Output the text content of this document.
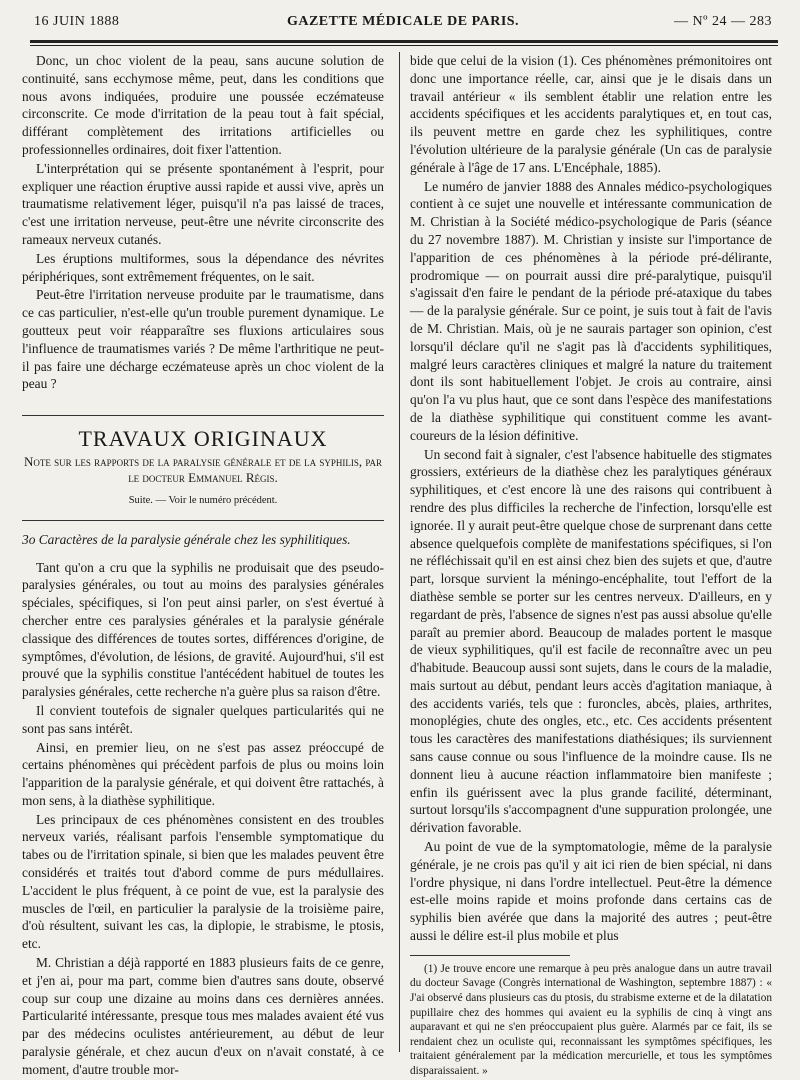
16 JUIN 1888	GAZETTE MÉDICALE DE PARIS.	— Nº 24 — 283

Donc, un choc violent de la peau, sans aucune solution de continuité, sans ecchymose même, peut, dans les conditions que nous avons indiquées, produire une poussée eczémateuse circonscrite. Ce mode d'irritation de la peau tout à fait spécial, différant complètement des irritations artificielles ou professionnelles ordinaires, doit fixer l'attention.

L'interprétation qui se présente spontanément à l'esprit, pour expliquer une réaction éruptive aussi rapide et aussi vive, après un traumatisme relativement léger, puisqu'il n'a pas laissé de traces, c'est une irritation nerveuse, peut-être une névrite circonscrite des rameaux nerveux cutanés.

Les éruptions multiformes, sous la dépendance des névrites périphériques, sont extrêmement fréquentes, on le sait.

Peut-être l'irritation nerveuse produite par le traumatisme, dans ce cas particulier, n'est-elle qu'un trouble purement dynamique. Le goutteux peut voir réapparaître ses fluxions articulaires sous l'influence de traumatismes variés ? De même l'arthritique ne peut-il pas faire une décharge eczémateuse après un choc violent de la peau ?

TRAVAUX ORIGINAUX
Note sur les rapports de la paralysie générale et de la syphilis, par le docteur Emmanuel Régis.
Suite. — Voir le numéro précédent.

3o Caractères de la paralysie générale chez les syphilitiques.

Tant qu'on a cru que la syphilis ne produisait que des pseudo-paralysies générales, ou tout au moins des paralysies générales spéciales, spécifiques, si l'on peut ainsi parler, on s'est évertué à chercher entre ces paralysies générales et la paralysie générale classique des différences de toutes sortes, différences d'origine, de symptômes, d'évolution, de lésions, de gravité. Aujourd'hui, s'il est prouvé que la syphilis constitue l'antécédent habituel de toutes les paralysies générales, cette recherche n'a guère plus sa raison d'être.

Il convient toutefois de signaler quelques particularités qui ne sont pas sans intérêt.

Ainsi, en premier lieu, on ne s'est pas assez préoccupé de certains phénomènes qui précèdent parfois de plus ou moins loin l'apparition de la paralysie générale, et qui doivent être rattachés, à mon sens, à la diathèse syphilitique.

Les principaux de ces phénomènes consistent en des troubles nerveux variés, réalisant parfois l'ensemble symptomatique du tabes ou de l'irritation spinale, si bien que les malades peuvent être considérés et traités tout d'abord comme de purs médullaires. L'accident le plus fréquent, à ce point de vue, est la paralysie des muscles de l'œil, en particulier la paralysie de la troisième paire, d'où résultent, suivant les cas, la diplopie, le strabisme, le ptosis, etc.

M. Christian a déjà rapporté en 1883 plusieurs faits de ce genre, et j'en ai, pour ma part, comme bien d'autres sans doute, observé coup sur coup une dizaine au moins dans ces dernières années. Particularité intéressante, presque tous mes malades avaient été vus par des médecins oculistes antérieurement, au début de leur paralysie générale, et chez aucun d'eux on n'avait constaté, à ce moment, d'autre trouble mor-

bide que celui de la vision (1). Ces phénomènes prémonitoires ont donc une importance réelle, car, ainsi que je le disais dans un travail antérieur « ils semblent établir une relation entre les accidents spécifiques et les accidents paralytiques et, en tout cas, ils peuvent mettre en garde chez les syphilitiques, contre l'évolution ultérieure de la paralysie générale (Un cas de paralysie générale à l'âge de 17 ans. L'Encéphale, 1885).

Le numéro de janvier 1888 des Annales médico-psychologiques contient à ce sujet une nouvelle et intéressante communication de M. Christian à la Société médico-psychologique de Paris (séance du 27 novembre 1887). M. Christian y insiste sur l'importance de l'apparition de ces phénomènes à la période pré-délirante, prodromique — on pourrait aussi dire pré-paralytique, puisqu'il s'agissait d'en faire le pendant de la période pré-ataxique du tabes — de la paralysie générale. Sur ce point, je suis tout à fait de l'avis de M. Christian. Mais, où je ne saurais partager son opinion, c'est lorsqu'il déclare qu'il ne s'agit pas là d'accidents syphilitiques, malgré leurs caractères cliniques et malgré la nature du traitement dont ils sont habituellement l'objet. Je crois au contraire, ainsi qu'on l'a vu plus haut, que ce sont dans l'espèce des manifestations de la diathèse syphilitique qui constituent comme les avant-coureurs de la lésion définitive.

Un second fait à signaler, c'est l'absence habituelle des stigmates grossiers, extérieurs de la diathèse chez les paralytiques généraux syphilitiques, et c'est encore là une des raisons qui contribuent à rendre des plus difficiles la recherche de l'infection, lorsqu'elle est ignorée. Il y aurait peut-être quelque chose de surprenant dans cette absence quelquefois complète de manifestations spécifiques, si l'on ne réfléchissait qu'il en est ainsi chez bien des sujets et que, d'autre part, lorsque survient la méningo-encéphalite, tout l'effort de la diathèse semble se porter sur les centres nerveux. D'ailleurs, en y regardant de près, l'absence de signes n'est pas aussi absolue qu'elle paraît au premier abord. Beaucoup de malades portent le masque de vieux syphilitiques, qu'il est facile de reconnaître avec un peu d'habitude. Beaucoup aussi sont sujets, dans le cours de la maladie, mais surtout au début, pendant leurs accès d'agitation maniaque, à des accidents variés, tels que : furoncles, abcès, plaies, arthrites, monoplégies, chute des ongles, etc., etc. Ces accidents présentent tous les caractères des manifestations diathésiques; ils surviennent sans cause connue ou sous l'influence de la moindre cause. Ils ne donnent lieu à aucune réaction inflammatoire bien manifeste ; enfin ils guérissent avec la plus grande facilité, déterminant, surtout lorsqu'ils s'accompagnent d'une suppuration prolongée, une dérivation favorable.

Au point de vue de la symptomatologie, même de la paralysie générale, je ne crois pas qu'il y ait ici rien de bien spécial, ni dans l'ordre physique, ni dans l'ordre intellectuel. Peut-être la démence est-elle moins rapide et moins profonde dans certains cas de syphilis bien avérée que dans la majorité des autres ; peut-être aussi le délire est-il plus mobile et plus

(1) Je trouve encore une remarque à peu près analogue dans un autre travail du docteur Savage (Congrès international de Washington, septembre 1887) : « J'ai observé dans plusieurs cas du ptosis, du strabisme externe et de la dilatation pupillaire chez des hommes qui avaient eu la syphilis de cinq à vingt ans auparavant et qui ne s'en préoccupaient plus guère. Alarmés par ce fait, ils se rendaient chez un oculiste qui, reconnaissant les symptômes spécifiques, les traitaient généralement par la médication mercurielle, et tous les symptômes disparaissaient. »
